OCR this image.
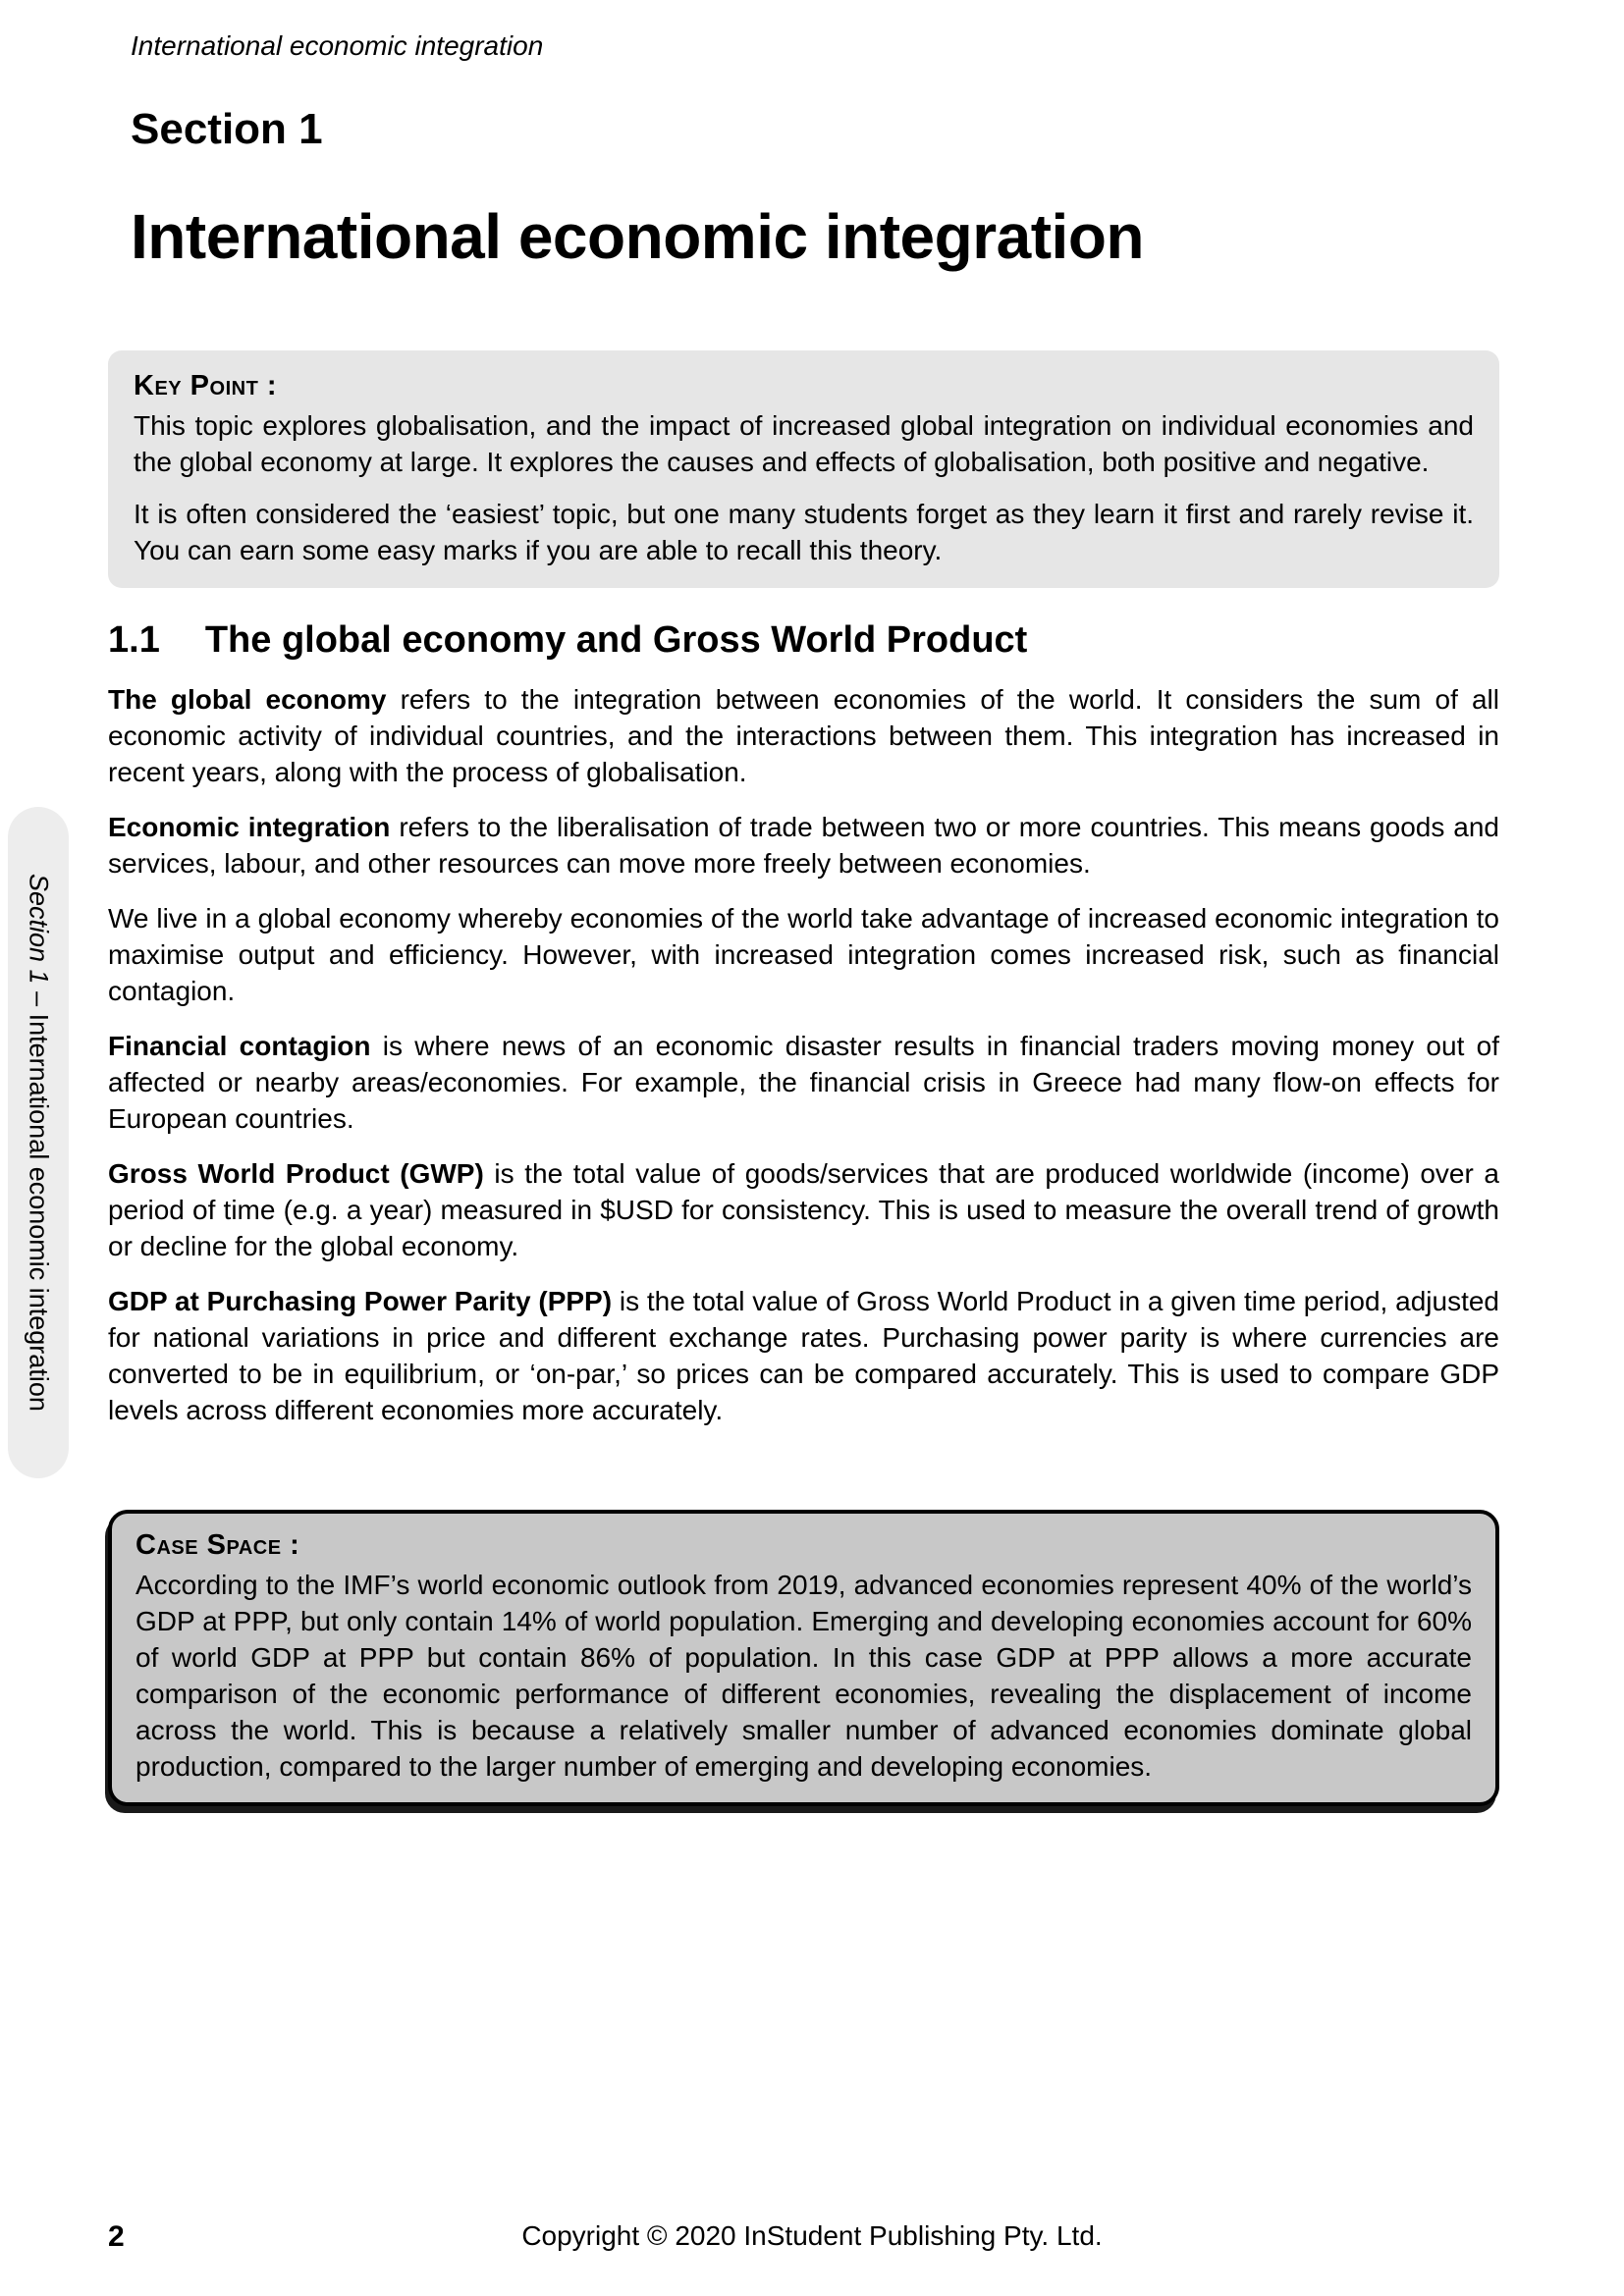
International economic integration
Section 1
International economic integration
Key Point :

This topic explores globalisation, and the impact of increased global integration on individual economies and the global economy at large. It explores the causes and effects of globalisation, both positive and negative.

It is often considered the ‘easiest’ topic, but one many students forget as they learn it first and rarely revise it. You can earn some easy marks if you are able to recall this theory.

1.1 The global economy and Gross World Product

The global economy refers to the integration between economies of the world. It considers the sum of all economic activity of individual countries, and the interactions between them. This integration has increased in recent years, along with the process of globalisation.

Economic integration refers to the liberalisation of trade between two or more countries. This means goods and services, labour, and other resources can move more freely between economies.

We live in a global economy whereby economies of the world take advantage of increased economic integration to maximise output and efficiency. However, with increased integration comes increased risk, such as financial contagion.

Financial contagion is where news of an economic disaster results in financial traders moving money out of affected or nearby areas/economies. For example, the financial crisis in Greece had many flow-on effects for European countries.

Gross World Product (GWP) is the total value of goods/services that are produced worldwide (income) over a period of time (e.g. a year) measured in $USD for consistency. This is used to measure the overall trend of growth or decline for the global economy.

GDP at Purchasing Power Parity (PPP) is the total value of Gross World Product in a given time period, adjusted for national variations in price and different exchange rates. Purchasing power parity is where currencies are converted to be in equilibrium, or ‘on-par,’ so prices can be compared accurately. This is used to compare GDP levels across different economies more accurately.

Case Space :

According to the IMF’s world economic outlook from 2019, advanced economies represent 40% of the world’s GDP at PPP, but only contain 14% of world population. Emerging and developing economies account for 60% of world GDP at PPP but contain 86% of population. In this case GDP at PPP allows a more accurate comparison of the economic performance of different economies, revealing the displacement of income across the world. This is because a relatively smaller number of advanced economies dominate global production, compared to the larger number of emerging and developing economies.

Section 1 – International economic integration
2	Copyright © 2020 InStudent Publishing Pty. Ltd.
